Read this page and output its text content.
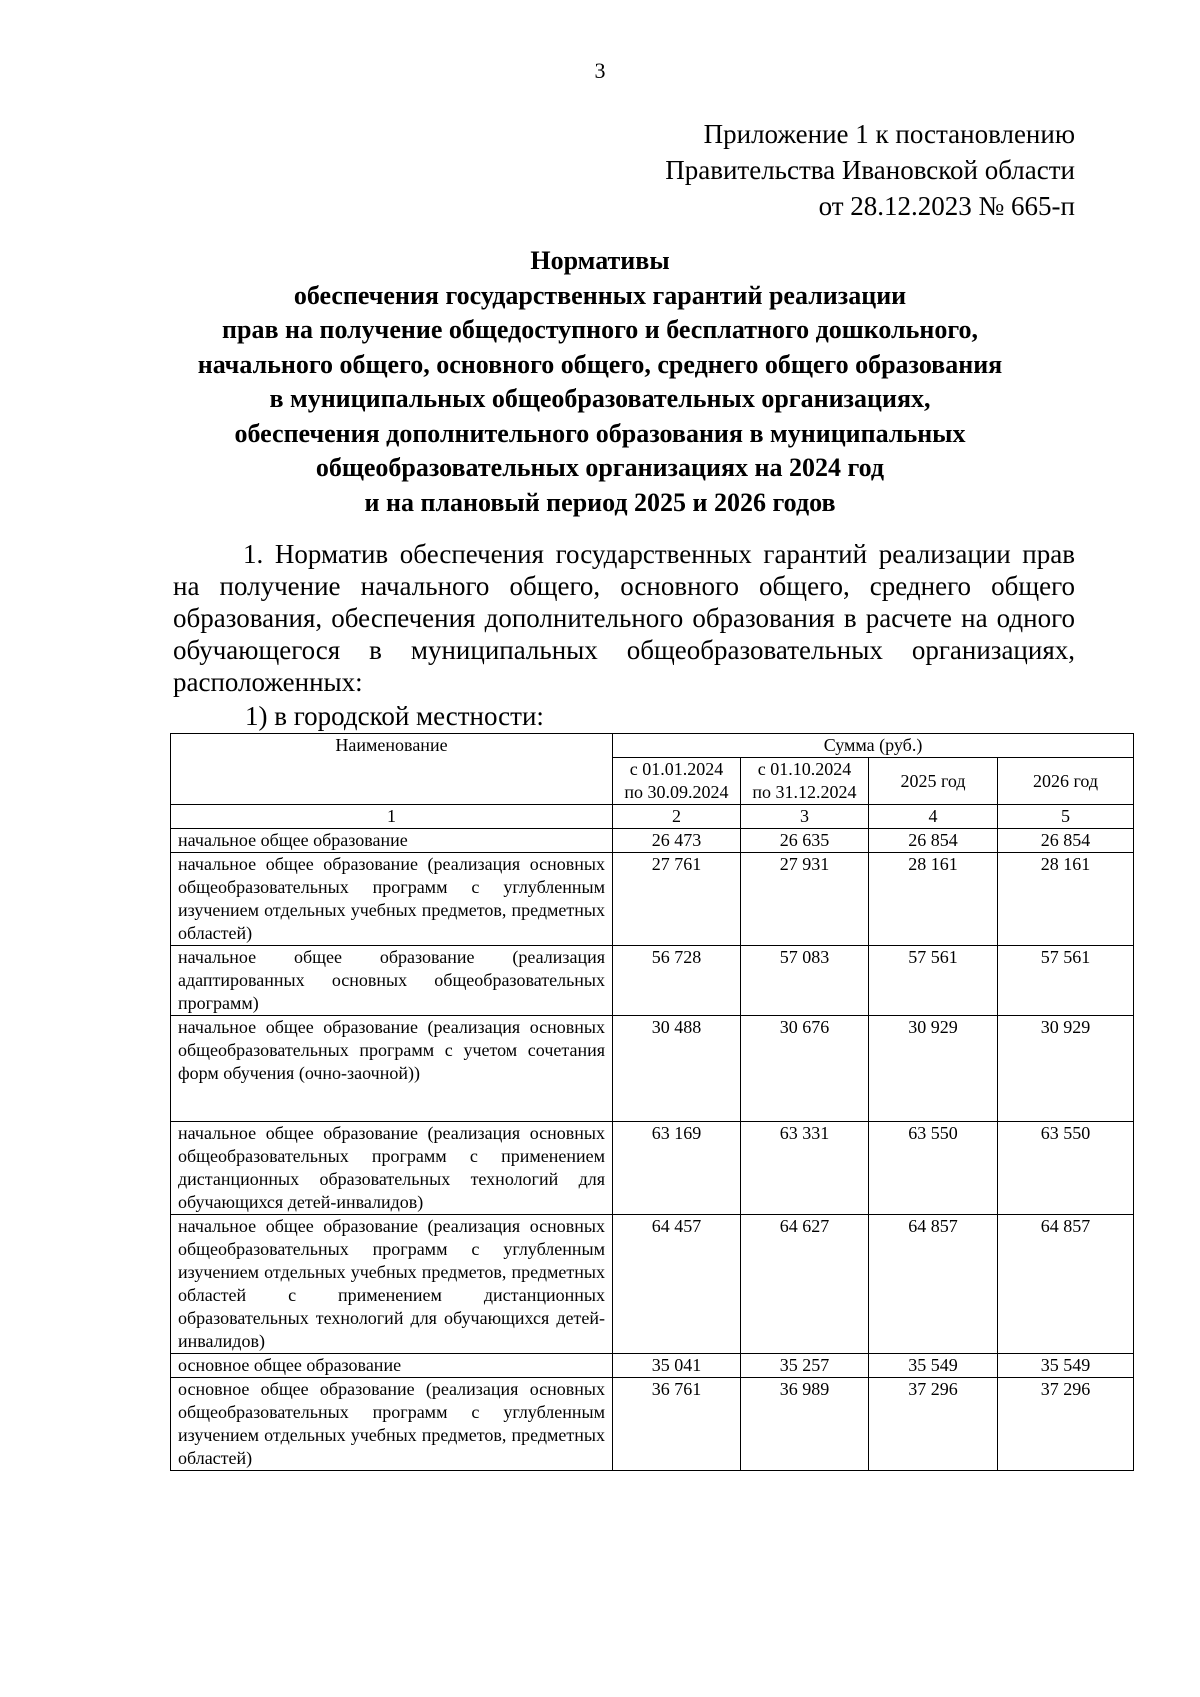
3
Приложение 1 к постановлению
Правительства Ивановской области
от 28.12.2023 № 665-п
Нормативы
обеспечения государственных гарантий реализации
прав на получение общедоступного и бесплатного дошкольного,
начального общего, основного общего, среднего общего образования
в муниципальных общеобразовательных организациях,
обеспечения дополнительного образования в муниципальных
общеобразовательных организациях на 2024 год
и на плановый период 2025 и 2026 годов
1. Норматив обеспечения государственных гарантий реализации прав на получение начального общего, основного общего, среднего общего образования, обеспечения дополнительного образования в расчете на одного обучающегося в муниципальных общеобразовательных организациях, расположенных:
1) в городской местности:
Наименование	Сумма (руб.)			
	с 01.01.2024 по 30.09.2024	с 01.10.2024 по 31.12.2024	2025 год	2026 год
1	2	3	4	5
начальное общее образование	26 473	26 635	26 854	26 854
начальное общее образование (реализация основных общеобразовательных программ с углубленным изучением отдельных учебных предметов, предметных областей)	27 761	27 931	28 161	28 161
начальное общее образование (реализация адаптированных основных общеобразовательных программ)	56 728	57 083	57 561	57 561
начальное общее образование (реализация основных общеобразовательных программ с учетом сочетания форм обучения (очно-заочной))	30 488	30 676	30 929	30 929
начальное общее образование (реализация основных общеобразовательных программ с применением дистанционных образовательных технологий для обучающихся детей-инвалидов)	63 169	63 331	63 550	63 550
начальное общее образование (реализация основных общеобразовательных программ с углубленным изучением отдельных учебных предметов, предметных областей с применением дистанционных образовательных технологий для обучающихся детей-инвалидов)	64 457	64 627	64 857	64 857
основное общее образование	35 041	35 257	35 549	35 549
основное общее образование (реализация основных общеобразовательных программ с углубленным изучением отдельных учебных предметов, предметных областей)	36 761	36 989	37 296	37 296
